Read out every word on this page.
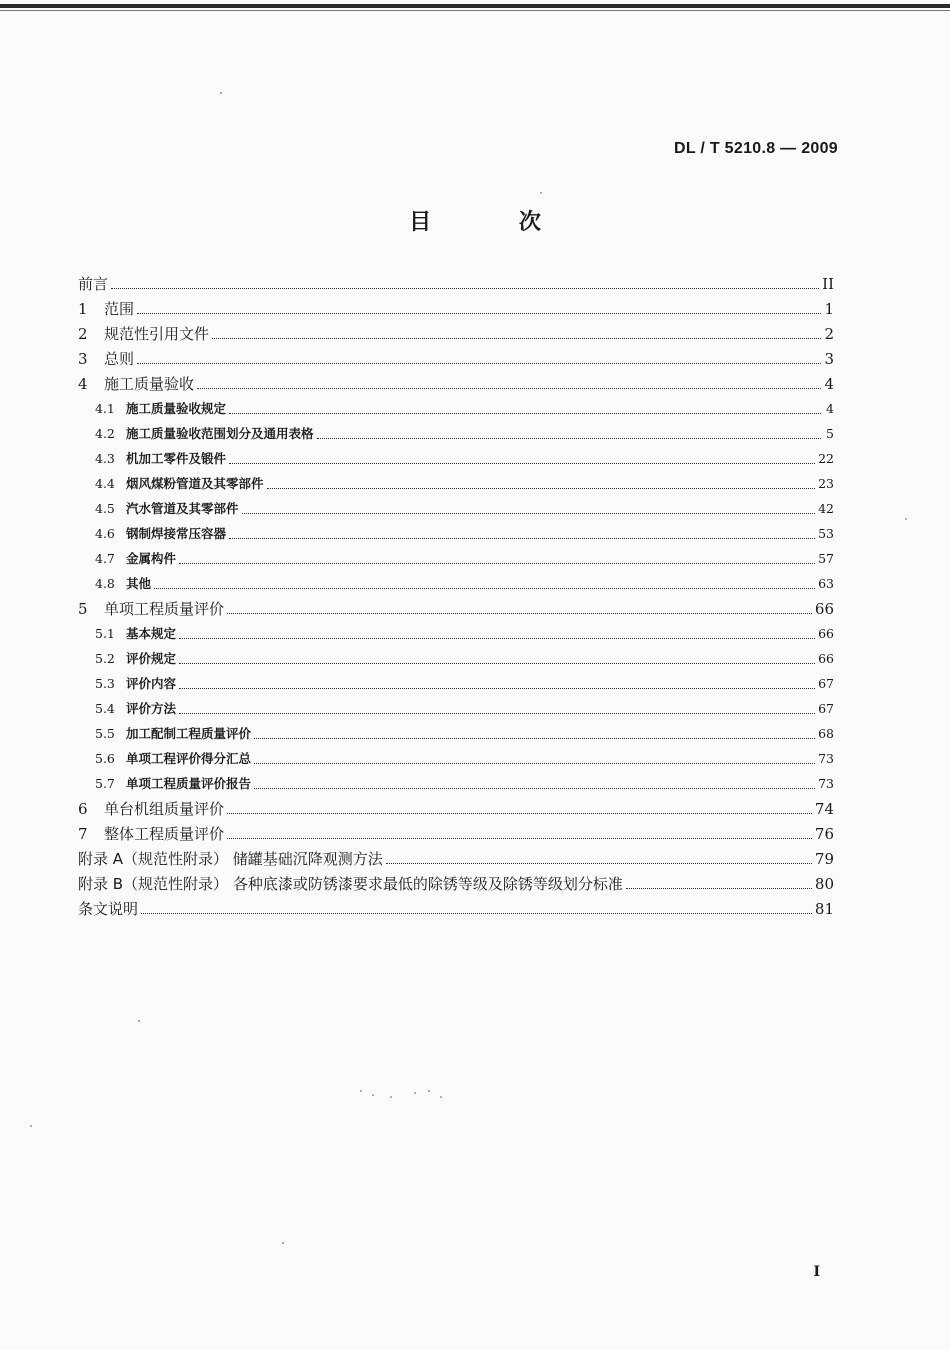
DL / T 5210.8 — 2009
目 次
前言	II
1	范围	1
2	规范性引用文件	2
3	总则	3
4	施工质量验收	4
4.1 施工质量验收规定	4
4.2 施工质量验收范围划分及通用表格	5
4.3 机加工零件及锻件	22
4.4 烟风煤粉管道及其零部件	23
4.5 汽水管道及其零部件	42
4.6 钢制焊接常压容器	53
4.7 金属构件	57
4.8 其他	63
5	单项工程质量评价	66
5.1 基本规定	66
5.2 评价规定	66
5.3 评价内容	67
5.4 评价方法	67
5.5 加工配制工程质量评价	68
5.6 单项工程评价得分汇总	73
5.7 单项工程质量评价报告	73
6	单台机组质量评价	74
7	整体工程质量评价	76
附录 A（规范性附录） 储罐基础沉降观测方法	79
附录 B（规范性附录） 各种底漆或防锈漆要求最低的除锈等级及除锈等级划分标准	80
条文说明	81
I
